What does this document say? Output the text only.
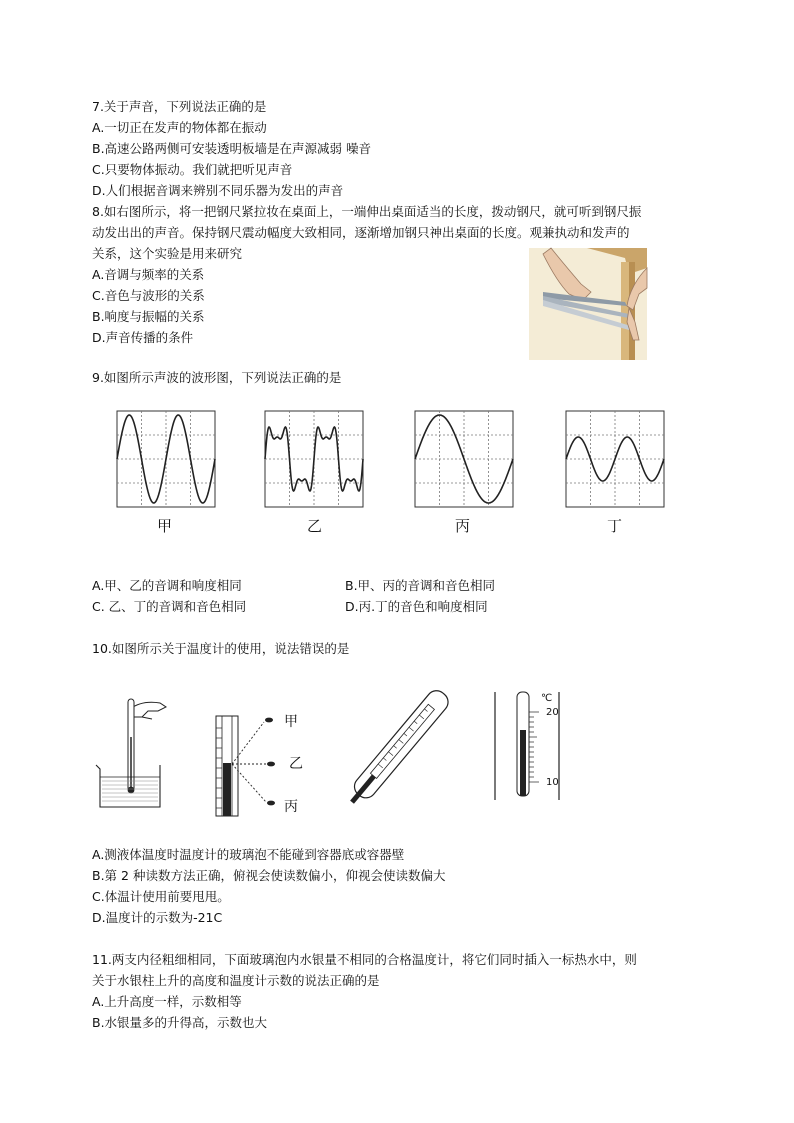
7.关于声音，下列说法正确的是
A.一切正在发声的物体都在振动
B.高速公路两侧可安装透明板墙是在声源减弱 噪音
C.只要物体振动。我们就把听见声音
D.人们根据音调来辨别不同乐器为发出的声音
8.如右图所示，将一把钢尺紧拉妆在桌面上，一端伸出桌面适当的长度，拨动钢尺，就可听到钢尺振
动发出出的声音。保持钢尺震动幅度大致相同，逐渐增加钢只神出桌面的长度。观兼执动和发声的
关系，这个实验是用来研究
A.音调与频率的关系
C.音色与波形的关系
B.响度与振幅的关系
D.声音传播的条件
9.如图所示声波的波形图，下列说法正确的是
甲	乙	丙	丁
A.甲、乙的音调和响度相同	B.甲、丙的音调和音色相同
C. 乙、丁的音调和音色相同	D.丙.丁的音色和响度相同
10.如图所示关于温度计的使用，说法错误的是
甲
乙
丙
℃
20
10
A.测液体温度时温度计的玻璃泡不能碰到容器底或容器壁
B.第 2 种读数方法正确，俯视会使读数偏小，仰视会使读数偏大
C.体温计使用前要甩甩。
D.温度计的示数为-21C
11.两支内径粗细相同，下面玻璃泡内水银量不相同的合格温度计，将它们同时插入一标热水中，则
关于水银柱上升的高度和温度计示数的说法正确的是
A.上升高度一样，示数相等
B.水银量多的升得高，示数也大
